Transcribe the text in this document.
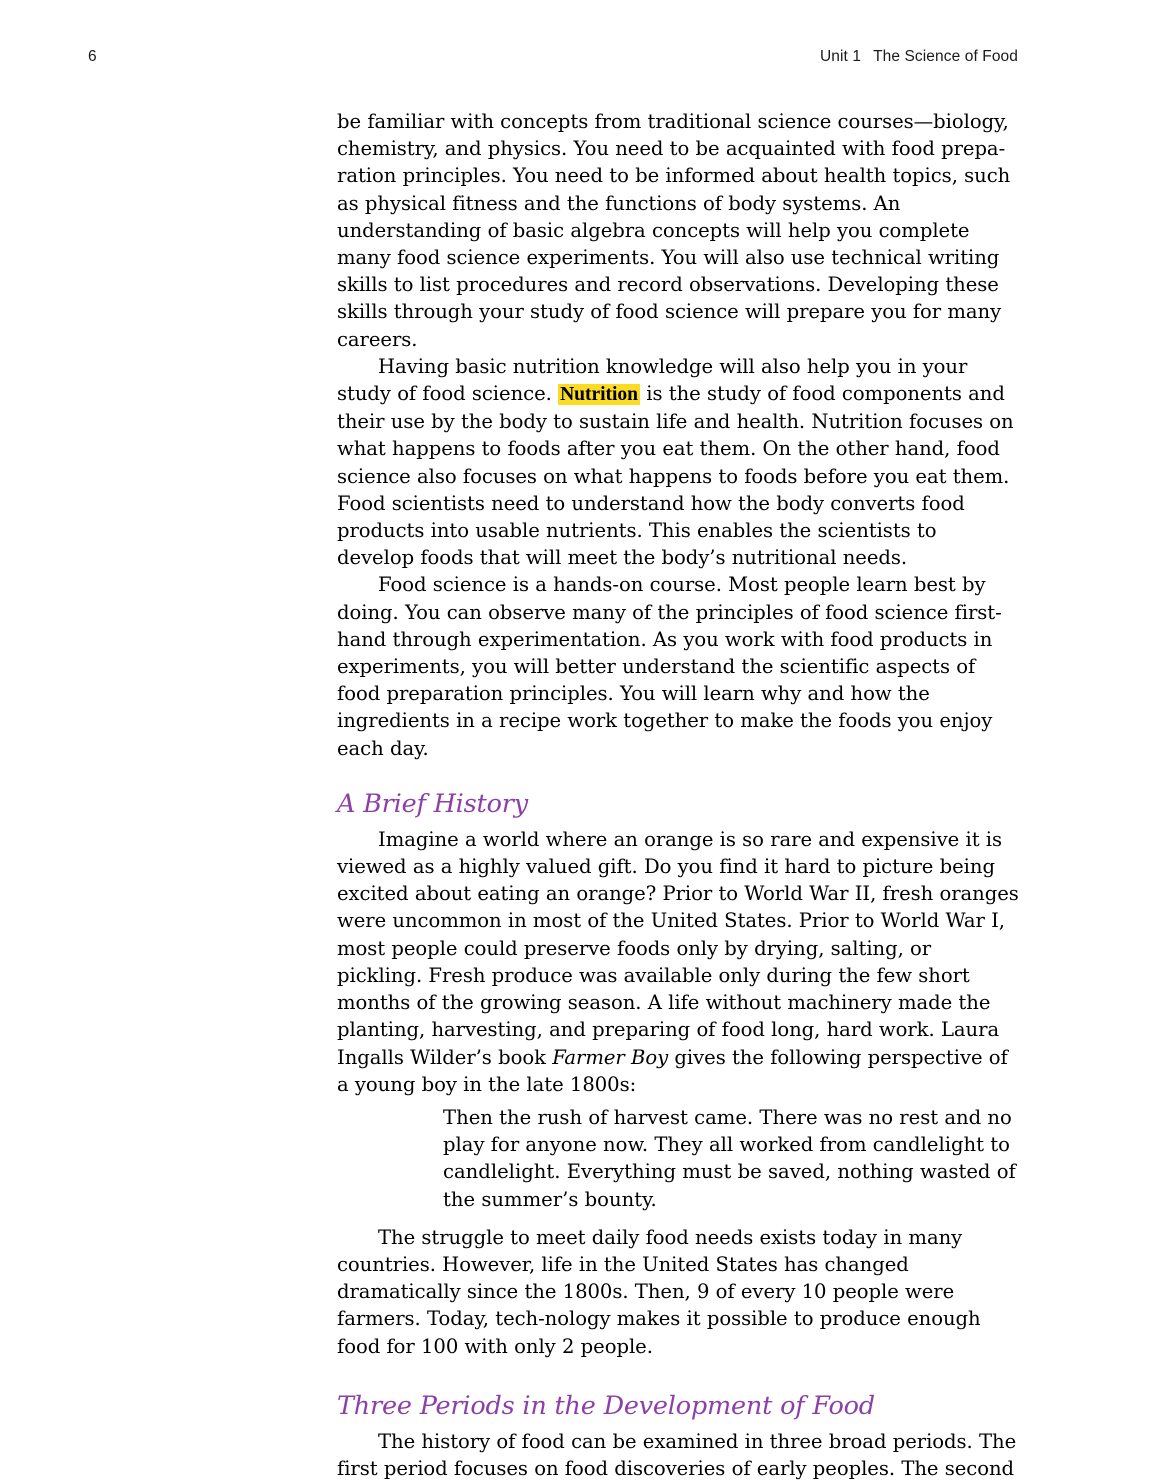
6	Unit 1 The Science of Food

be familiar with concepts from traditional science courses—biology, chemistry, and physics. You need to be acquainted with food prepa-ration principles. You need to be informed about health topics, such as physical fitness and the functions of body systems. An understanding of basic algebra concepts will help you complete many food science experiments. You will also use technical writing skills to list procedures and record observations. Developing these skills through your study of food science will prepare you for many careers.

Having basic nutrition knowledge will also help you in your study of food science. Nutrition is the study of food components and their use by the body to sustain life and health. Nutrition focuses on what happens to foods after you eat them. On the other hand, food science also focuses on what happens to foods before you eat them. Food scientists need to understand how the body converts food products into usable nutrients. This enables the scientists to develop foods that will meet the body’s nutritional needs.

Food science is a hands-on course. Most people learn best by doing. You can observe many of the principles of food science first-hand through experimentation. As you work with food products in experiments, you will better understand the scientific aspects of food preparation principles. You will learn why and how the ingredients in a recipe work together to make the foods you enjoy each day.

A Brief History

Imagine a world where an orange is so rare and expensive it is viewed as a highly valued gift. Do you find it hard to picture being excited about eating an orange? Prior to World War II, fresh oranges were uncommon in most of the United States. Prior to World War I, most people could preserve foods only by drying, salting, or pickling. Fresh produce was available only during the few short months of the growing season. A life without machinery made the planting, harvesting, and preparing of food long, hard work. Laura Ingalls Wilder’s book Farmer Boy gives the following perspective of a young boy in the late 1800s:

Then the rush of harvest came. There was no rest and no play for anyone now. They all worked from candlelight to candlelight. Everything must be saved, nothing wasted of the summer’s bounty.

The struggle to meet daily food needs exists today in many countries. However, life in the United States has changed dramatically since the 1800s. Then, 9 of every 10 people were farmers. Today, tech-nology makes it possible to produce enough food for 100 with only 2 people.

Three Periods in the Development of Food

The history of food can be examined in three broad periods. The first period focuses on food discoveries of early peoples. The second
